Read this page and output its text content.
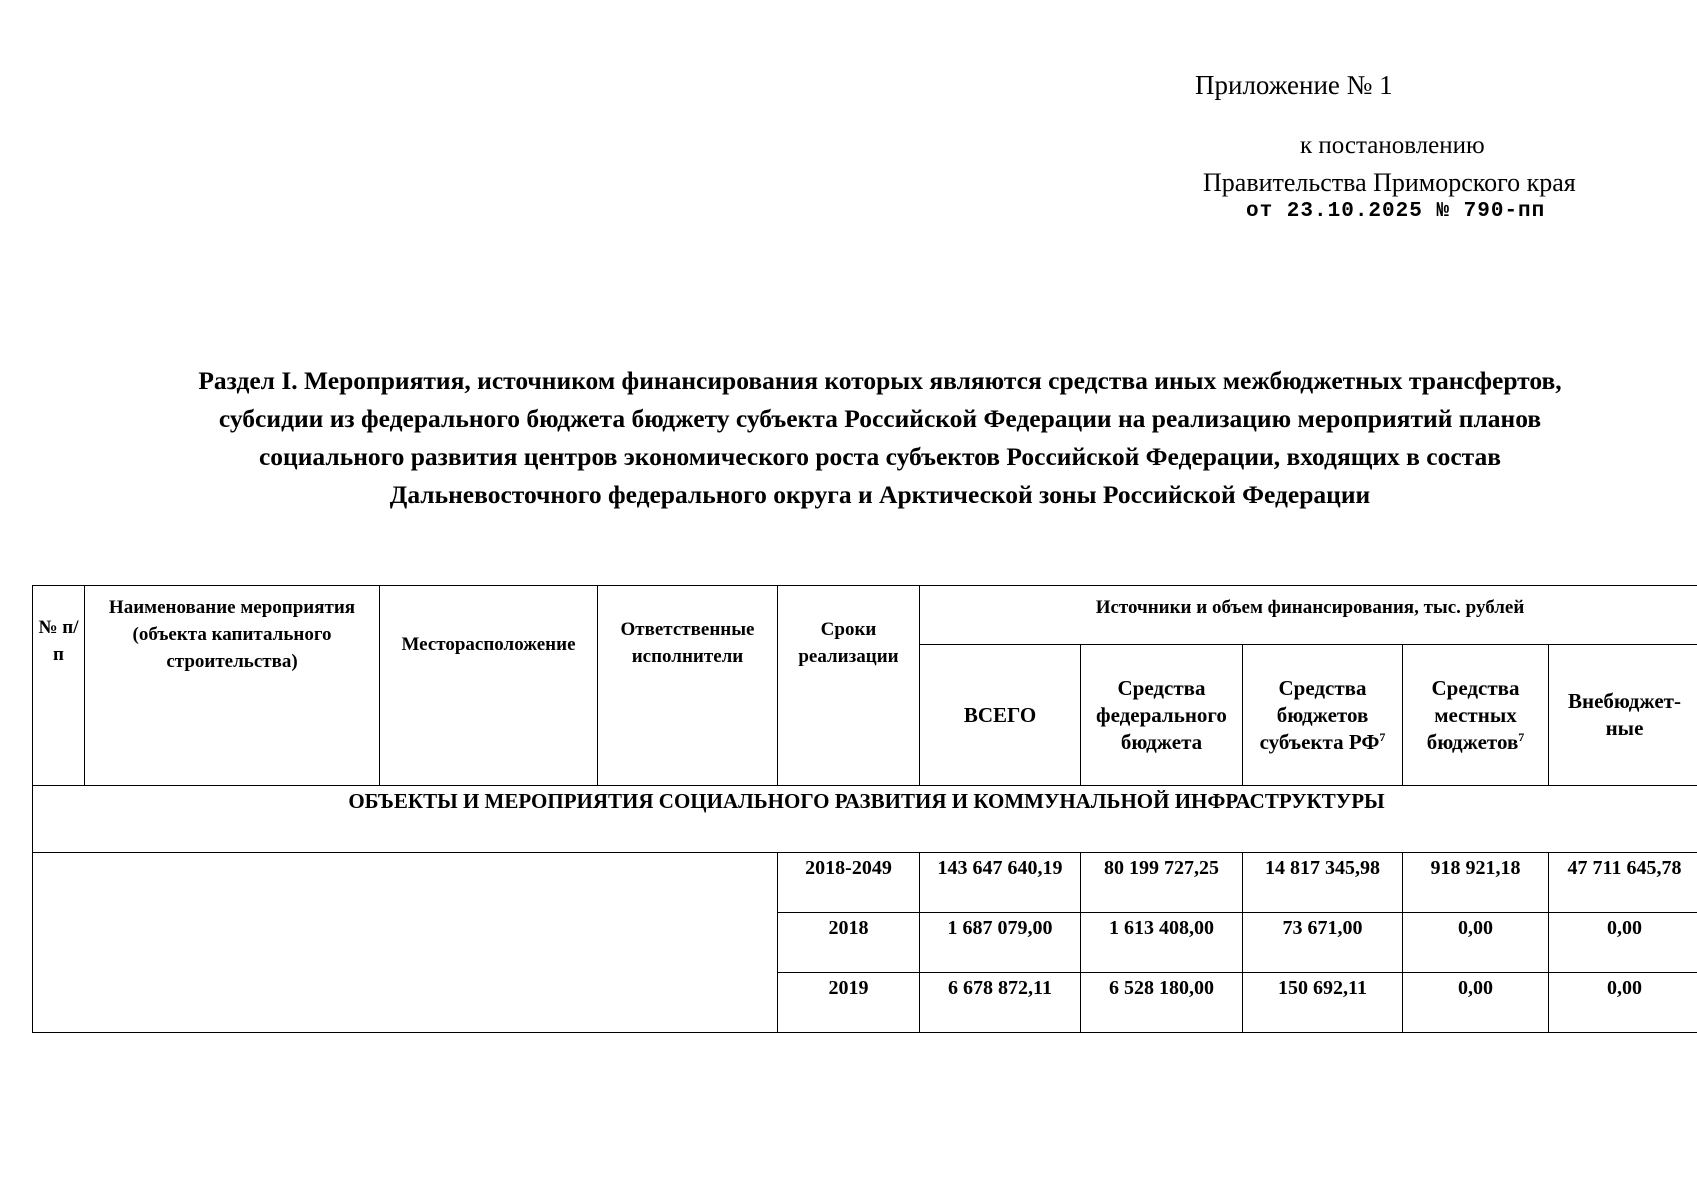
Приложение № 1
к постановлению
Правительства Приморского края
от 23.10.2025 № 790-пп
Раздел I. Мероприятия, источником финансирования которых являются средства иных межбюджетных трансфертов,
субсидии из федерального бюджета бюджету субъекта Российской Федерации на реализацию мероприятий планов
социального развития центров экономического роста субъектов Российской Федерации, входящих в состав
Дальневосточного федерального округа и Арктической зоны Российской Федерации
№ п/п	Наименование мероприятия (объекта капитального строительства)	Месторасположение	Ответственные исполнители	Сроки реализации	Источники и объем финансирования, тыс. рублей				
					ВСЕГО	Средства федерального бюджета	Средства бюджетов субъекта $РФ^7$	Средства местных бюджетов$^7$	Внебюджет-ные
ОБЪЕКТЫ И МЕРОПРИЯТИЯ СОЦИАЛЬНОГО РАЗВИТИЯ И КОММУНАЛЬНОЙ ИНФРАСТРУКТУРЫ									
				2018-2049	143 647 640,19	80 199 727,25	14 817 345,98	918 921,18	47 711 645,78
				2018	1 687 079,00	1 613 408,00	73 671,00	0,00	0,00
				2019	6 678 872,11	6 528 180,00	150 692,11	0,00	0,00
